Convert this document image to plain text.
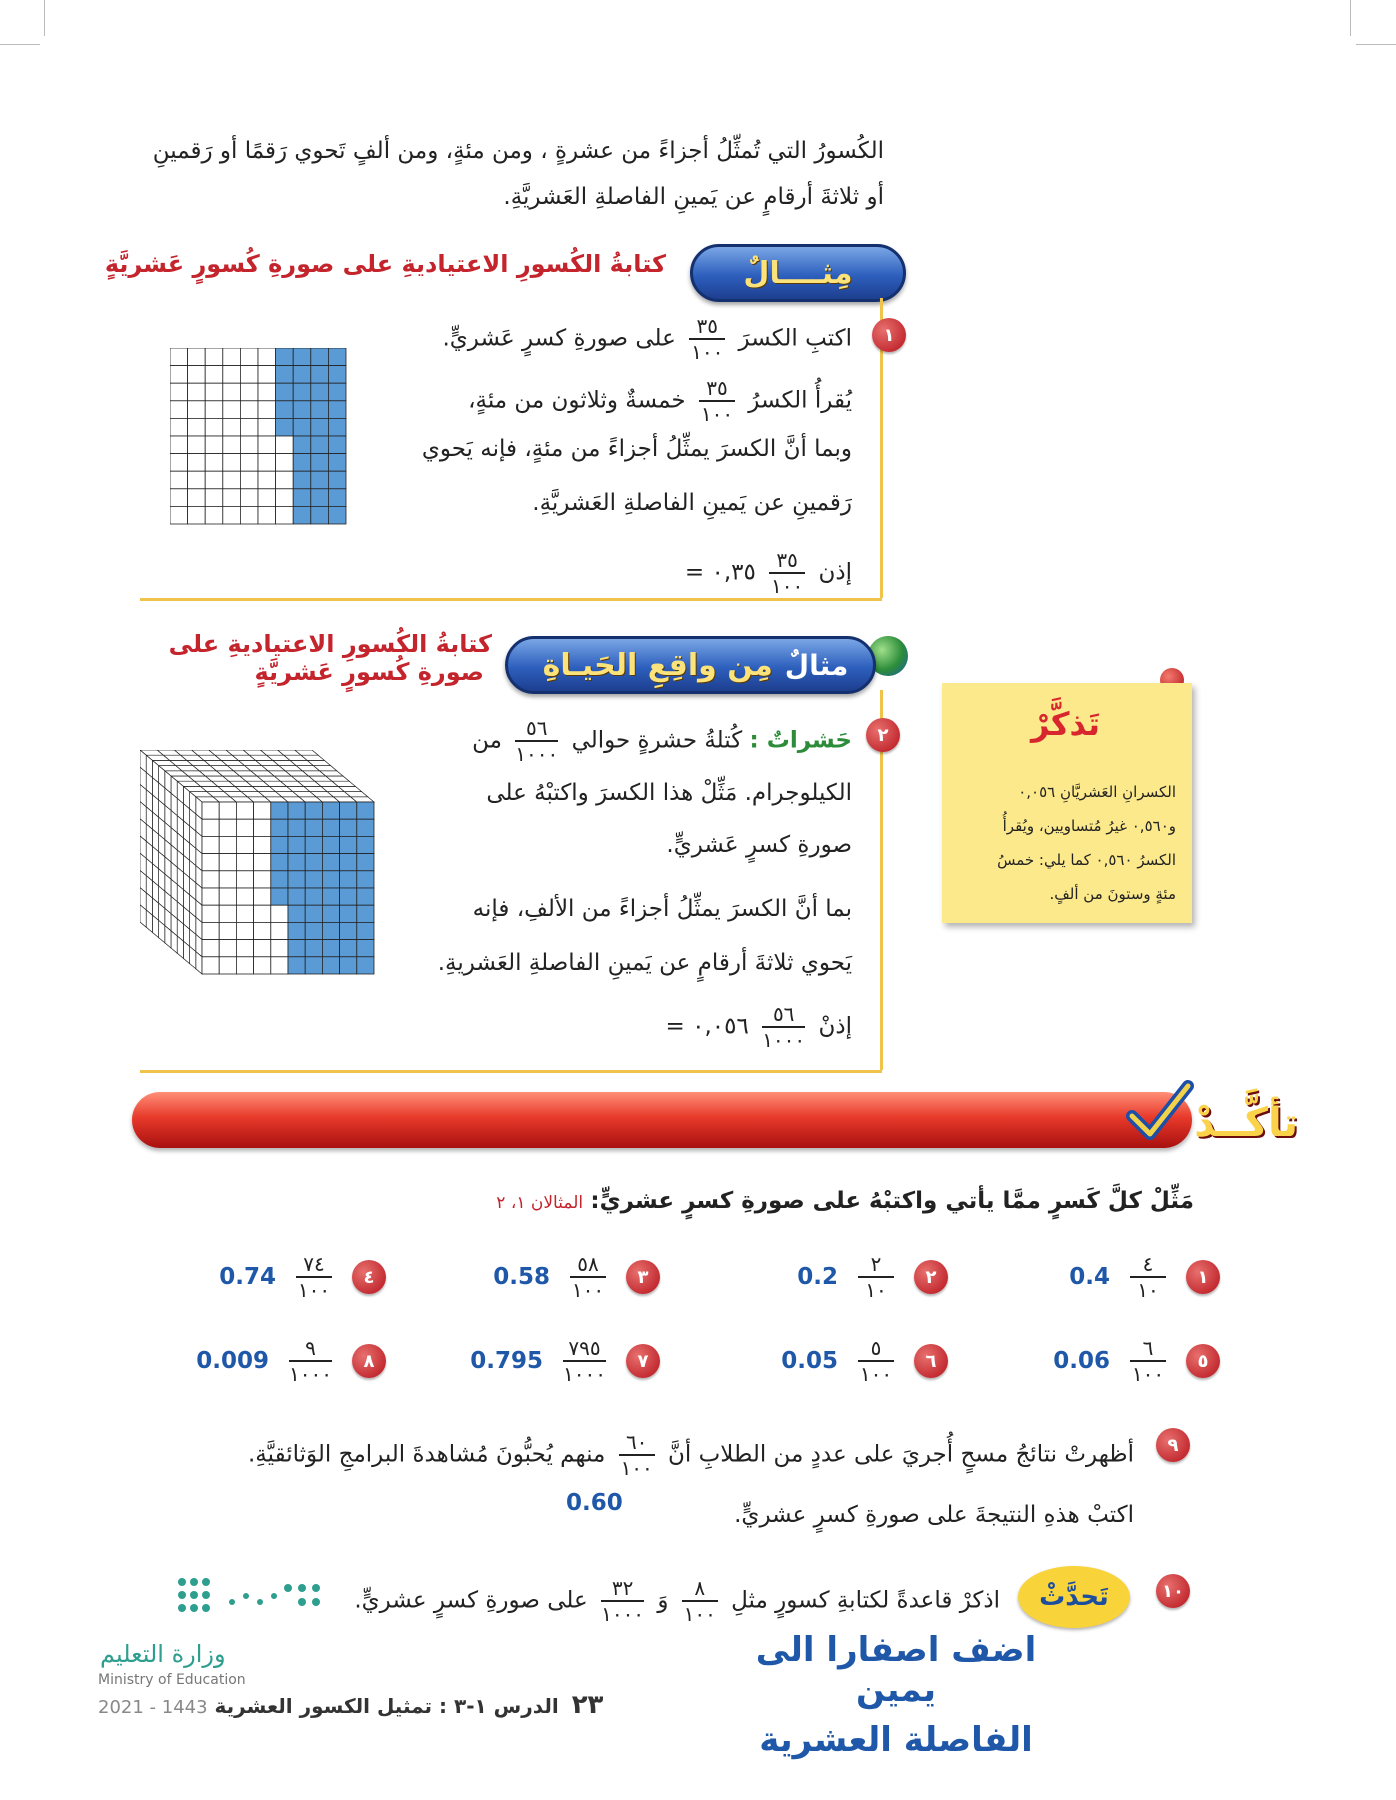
الكُسورُ التي تُمثِّلُ أجزاءً من عشرةٍ ، ومن مئةٍ، ومن ألفٍ تَحوي رَقمًا أو رَقمينِ
أو ثلاثةَ أرقامٍ عن يَمينِ الفاصلةِ العَشريَّةِ.
مِثــــالٌ
كتابةُ الكُسورِ الاعتياديةِ على صورةِ كُسورٍ عَشريَّةٍ
١
اكتبِ الكسرَ
$\frac{٣٥}{١٠٠}$
على صورةِ كسرٍ عَشريٍّ.
يُقرأُ الكسرُ
$\frac{٣٥}{١٠٠}$
خمسةٌ وثلاثون من مئةٍ،
وبما أنَّ الكسرَ يمثِّلُ أجزاءً من مئةٍ، فإنه يَحوي
رَقمينِ عن يَمينِ الفاصلةِ العَشريَّةِ.
إذن
$\frac{٣٥}{١٠٠}$
٠,٣٥ =
مِن واقِعِ الحَيـاةِ مثالٌ
كتابةُ الكُسورِ الاعتياديةِ على
صورةِ كُسورٍ عَشريَّةٍ
٢
حَشراتٌ : كُتلةُ حشرةٍ حوالي
$\frac{٥٦}{١٠٠٠}$
من
الكيلوجرام. مَثِّلْ هذا الكسرَ واكتبْهُ على
صورةِ كسرٍ عَشريٍّ.
بما أنَّ الكسرَ يمثِّلُ أجزاءً من الألفِ، فإنه
يَحوي ثلاثةَ أرقامٍ عن يَمينِ الفاصلةِ العَشريةِ.
إذنْ
$\frac{٥٦}{١٠٠٠}$
٠,٠٥٦ =
تَذكَّرْ
الكسرانِ العَشريَّانِ ٠,٠٥٦
و٠,٥٦٠ غيرُ مُتساويين، ويُقرأُ
الكسرُ ٠,٥٦٠ كما يلي: خمسُ
مئةٍ وستونَ من ألفٍ.
تأكَّــدْ
مَثِّلْ كلَّ كَسرٍ ممَّا يأتي واكتبْهُ على صورةِ كسرٍ عشريٍّ: المثالان ١، ٢
١
$\frac{٤}{١٠}$
0.4
٢
$\frac{٢}{١٠}$
0.2
٣
$\frac{٥٨}{١٠٠}$
0.58
٤
$\frac{٧٤}{١٠٠}$
0.74
٥
$\frac{٦}{١٠٠}$
0.06
٦
$\frac{٥}{١٠٠}$
0.05
٧
$\frac{٧٩٥}{١٠٠٠}$
0.795
٨
$\frac{٩}{١٠٠٠}$
0.009
٩
أظهرتْ نتائجُ مسحٍ أُجريَ على عددٍ من الطلابِ أنَّ
$\frac{٦٠}{١٠٠}$
منهم يُحبُّونَ مُشاهدةَ البرامجِ الوَثائقيَّةِ.
0.60	اكتبْ هذهِ النتيجةَ على صورةِ كسرٍ عشريٍّ.
١٠
تَحدَّثْ
اذكرْ قاعدةً لكتابةِ كسورٍ مثلِ
$\frac{٨}{١٠٠}$
وَ
$\frac{٣٢}{١٠٠٠}$
على صورةِ كسرٍ عشريٍّ.
اضف اصفارا الى يمين
الفاصلة العشرية
وزارة التعليم
Ministry of Education
2021 - 1443	٢٣ الدرس ١-٣ : تمثيل الكسور العشرية
